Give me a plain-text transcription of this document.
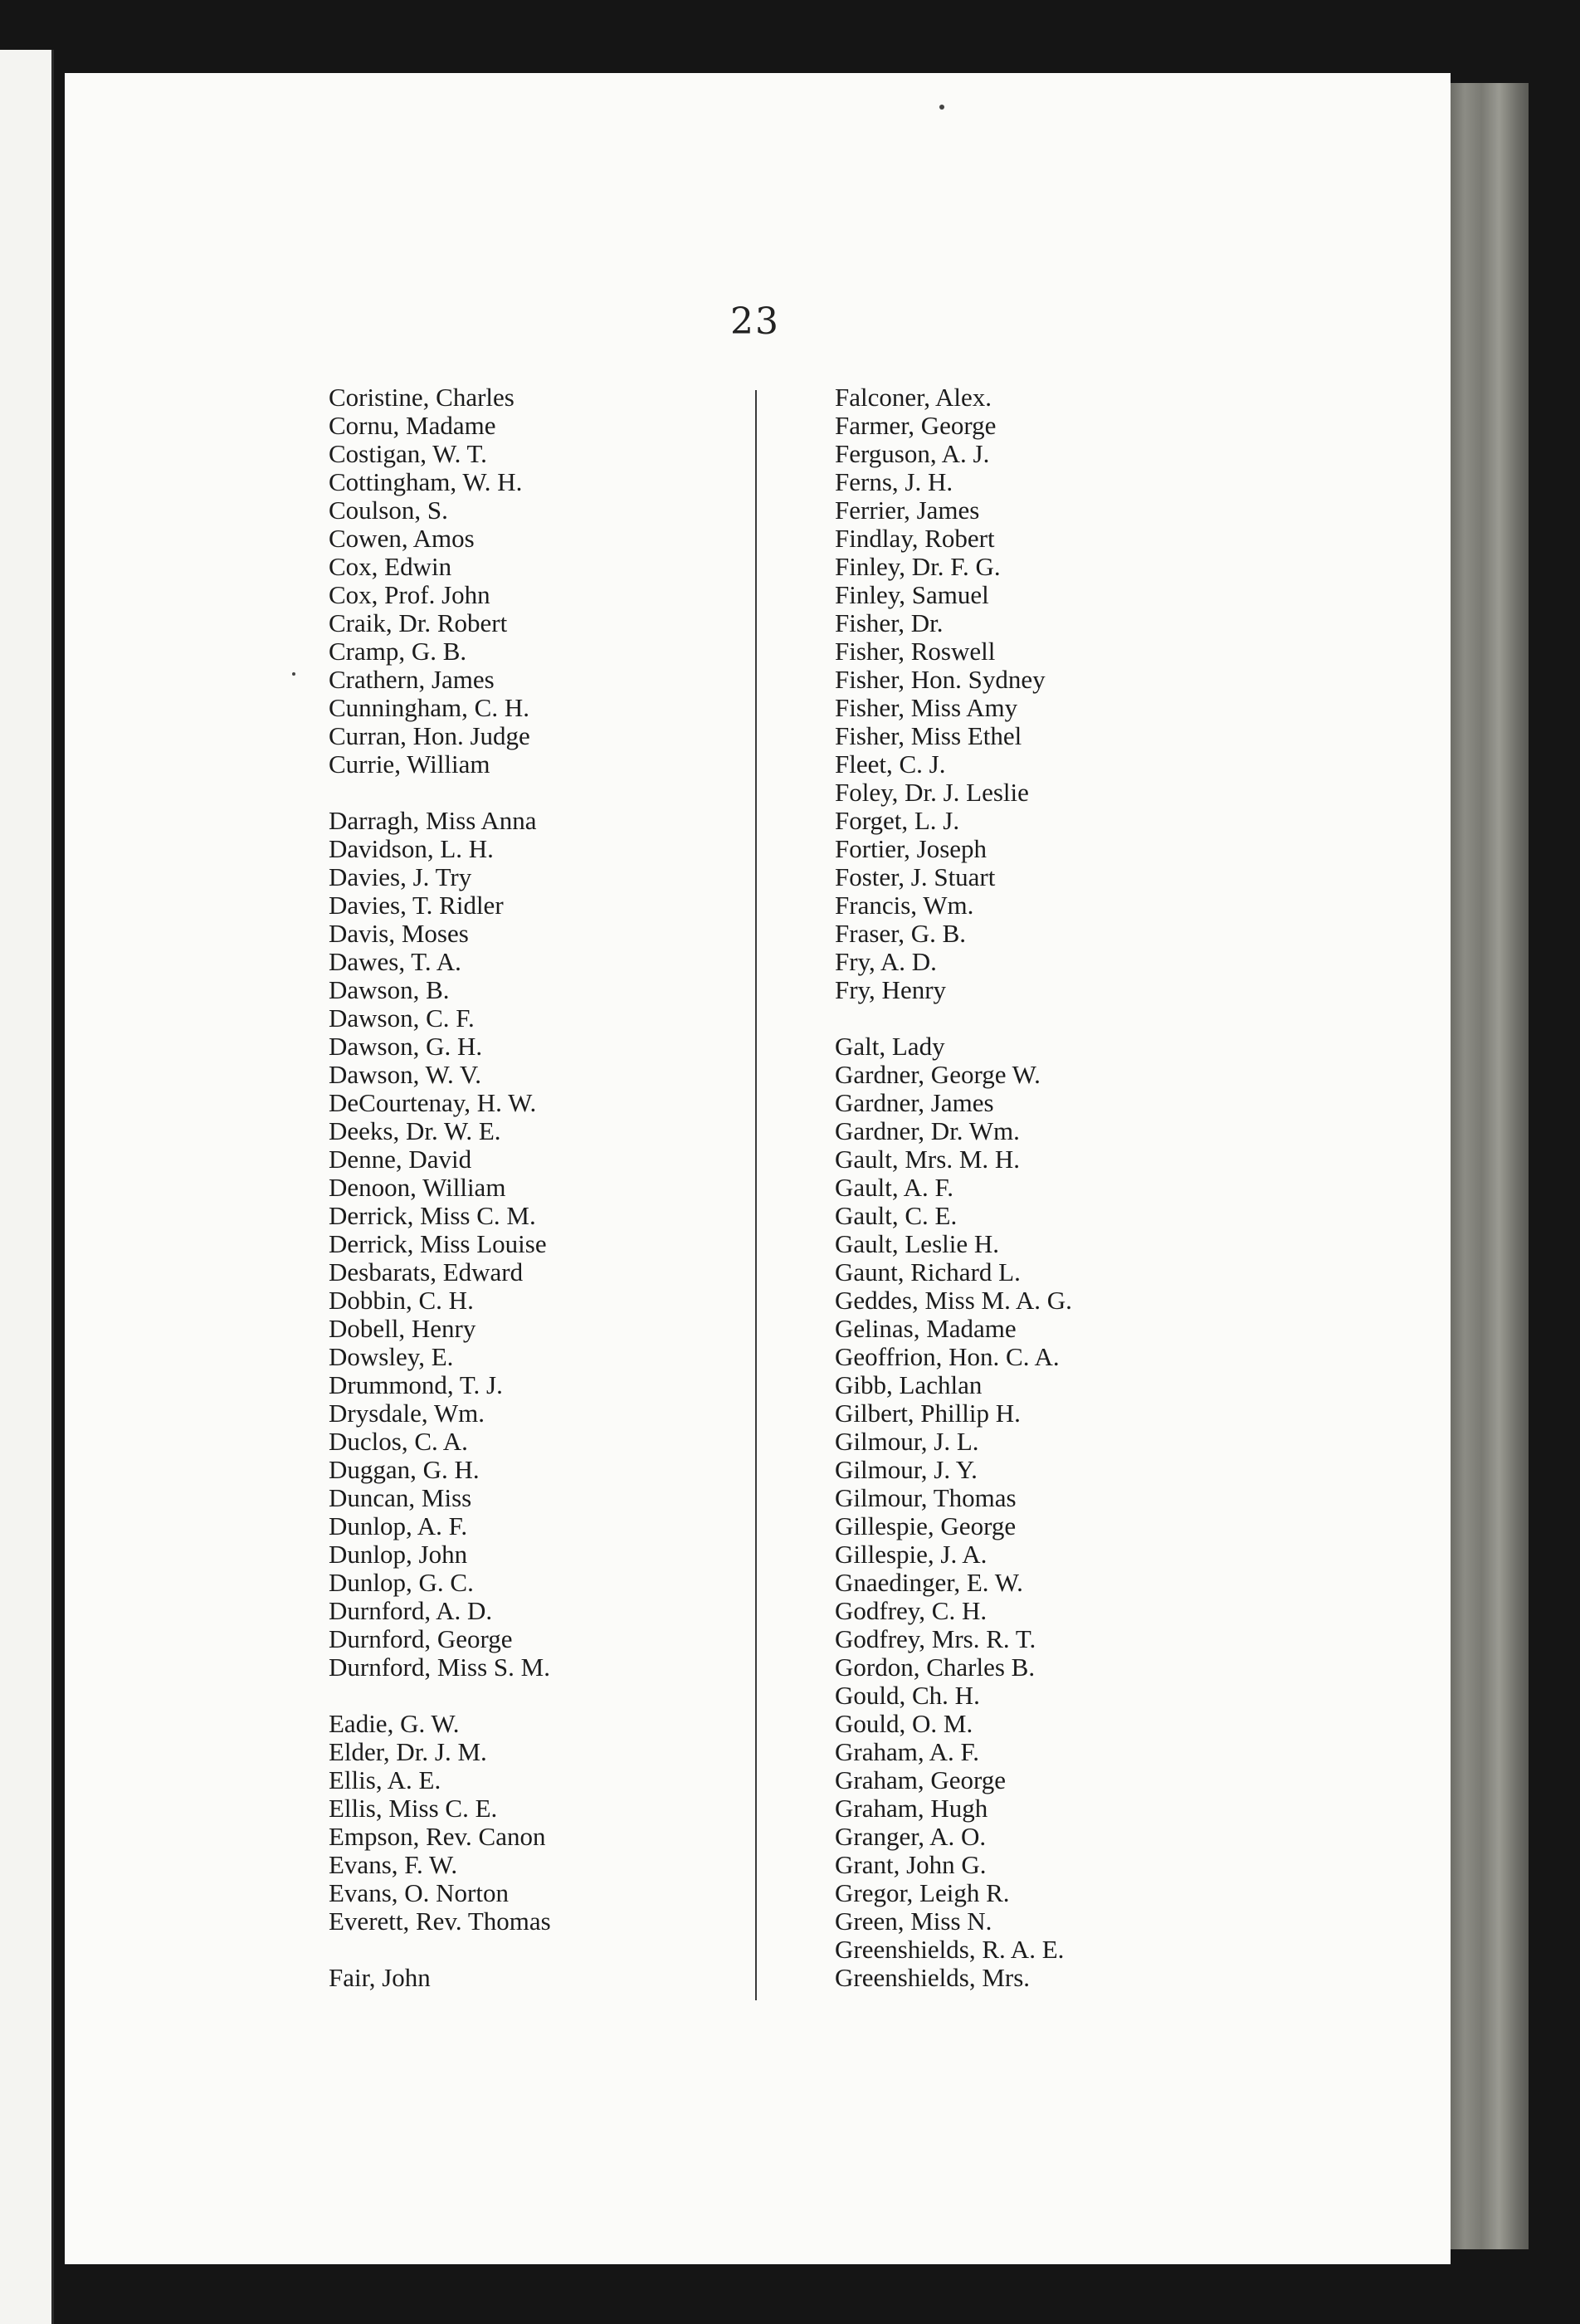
23
Coristine, Charles
Cornu, Madame
Costigan, W. T.
Cottingham, W. H.
Coulson, S.
Cowen, Amos
Cox, Edwin
Cox, Prof. John
Craik, Dr. Robert
Cramp, G. B.
Crathern, James
Cunningham, C. H.
Curran, Hon. Judge
Currie, William
Darragh, Miss Anna
Davidson, L. H.
Davies, J. Try
Davies, T. Ridler
Davis, Moses
Dawes, T. A.
Dawson, B.
Dawson, C. F.
Dawson, G. H.
Dawson, W. V.
DeCourtenay, H. W.
Deeks, Dr. W. E.
Denne, David
Denoon, William
Derrick, Miss C. M.
Derrick, Miss Louise
Desbarats, Edward
Dobbin, C. H.
Dobell, Henry
Dowsley, E.
Drummond, T. J.
Drysdale, Wm.
Duclos, C. A.
Duggan, G. H.
Duncan, Miss
Dunlop, A. F.
Dunlop, John
Dunlop, G. C.
Durnford, A. D.
Durnford, George
Durnford, Miss S. M.
Eadie, G. W.
Elder, Dr. J. M.
Ellis, A. E.
Ellis, Miss C. E.
Empson, Rev. Canon
Evans, F. W.
Evans, O. Norton
Everett, Rev. Thomas
Fair, John
Falconer, Alex.
Farmer, George
Ferguson, A. J.
Ferns, J. H.
Ferrier, James
Findlay, Robert
Finley, Dr. F. G.
Finley, Samuel
Fisher, Dr.
Fisher, Roswell
Fisher, Hon. Sydney
Fisher, Miss Amy
Fisher, Miss Ethel
Fleet, C. J.
Foley, Dr. J. Leslie
Forget, L. J.
Fortier, Joseph
Foster, J. Stuart
Francis, Wm.
Fraser, G. B.
Fry, A. D.
Fry, Henry
Galt, Lady
Gardner, George W.
Gardner, James
Gardner, Dr. Wm.
Gault, Mrs. M. H.
Gault, A. F.
Gault, C. E.
Gault, Leslie H.
Gaunt, Richard L.
Geddes, Miss M. A. G.
Gelinas, Madame
Geoffrion, Hon. C. A.
Gibb, Lachlan
Gilbert, Phillip H.
Gilmour, J. L.
Gilmour, J. Y.
Gilmour, Thomas
Gillespie, George
Gillespie, J. A.
Gnaedinger, E. W.
Godfrey, C. H.
Godfrey, Mrs. R. T.
Gordon, Charles B.
Gould, Ch. H.
Gould, O. M.
Graham, A. F.
Graham, George
Graham, Hugh
Granger, A. O.
Grant, John G.
Gregor, Leigh R.
Green, Miss N.
Greenshields, R. A. E.
Greenshields, Mrs.
